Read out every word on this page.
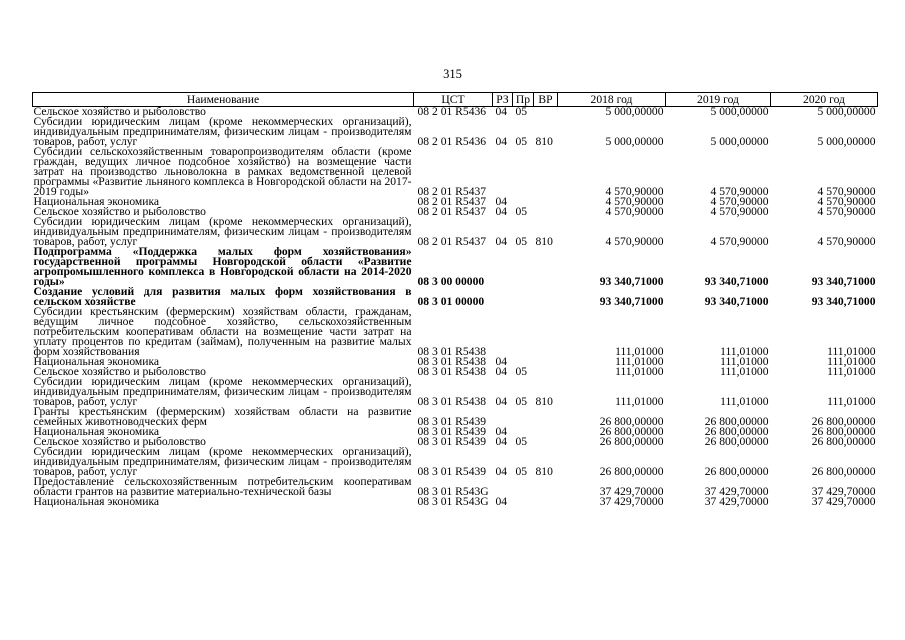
315
Наименование	ЦСТ	РЗ	Пр	ВР	2018 год	2019 год	2020 год
Сельское хозяйство и рыболовство	08 2 01 R5436	04	05		5 000,00000	5 000,00000	5 000,00000
Субсидии юридическим лицам (кроме некоммерческих организаций), индивидуальным предпринимателям, физическим лицам - производителям товаров, работ, услуг	08 2 01 R5436	04	05	810	5 000,00000	5 000,00000	5 000,00000
Субсидии сельскохозяйственным товаропроизводителям области (кроме граждан, ведущих личное подсобное хозяйство) на возмещение части затрат на производство льноволокна в рамках ведомственной целевой программы «Развитие льняного комплекса в Новгородской области на 2017-2019 годы»	08 2 01 R5437				4 570,90000	4 570,90000	4 570,90000
Национальная экономика	08 2 01 R5437	04			4 570,90000	4 570,90000	4 570,90000
Сельское хозяйство и рыболовство	08 2 01 R5437	04	05		4 570,90000	4 570,90000	4 570,90000
Субсидии юридическим лицам (кроме некоммерческих организаций), индивидуальным предпринимателям, физическим лицам - производителям товаров, работ, услуг	08 2 01 R5437	04	05	810	4 570,90000	4 570,90000	4 570,90000
Подпрограмма «Поддержка малых форм хозяйствования» государственной программы Новгородской области «Развитие агропромышленного комплекса в Новгородской области на 2014-2020 годы»	08 3 00 00000				93 340,71000	93 340,71000	93 340,71000
Создание условий для развития малых форм хозяйствования в сельском хозяйстве	08 3 01 00000				93 340,71000	93 340,71000	93 340,71000
Субсидии крестьянским (фермерским) хозяйствам области, гражданам, ведущим личное подсобное хозяйство, сельскохозяйственным потребительским кооперативам области на возмещение части затрат на уплату процентов по кредитам (займам), полученным на развитие малых форм хозяйствования	08 3 01 R5438				111,01000	111,01000	111,01000
Национальная экономика	08 3 01 R5438	04			111,01000	111,01000	111,01000
Сельское хозяйство и рыболовство	08 3 01 R5438	04	05		111,01000	111,01000	111,01000
Субсидии юридическим лицам (кроме некоммерческих организаций), индивидуальным предпринимателям, физическим лицам - производителям товаров, работ, услуг	08 3 01 R5438	04	05	810	111,01000	111,01000	111,01000
Гранты крестьянским (фермерским) хозяйствам области на развитие семейных животноводческих ферм	08 3 01 R5439				26 800,00000	26 800,00000	26 800,00000
Национальная экономика	08 3 01 R5439	04			26 800,00000	26 800,00000	26 800,00000
Сельское хозяйство и рыболовство	08 3 01 R5439	04	05		26 800,00000	26 800,00000	26 800,00000
Субсидии юридическим лицам (кроме некоммерческих организаций), индивидуальным предпринимателям, физическим лицам - производителям товаров, работ, услуг	08 3 01 R5439	04	05	810	26 800,00000	26 800,00000	26 800,00000
Предоставление сельскохозяйственным потребительским кооперативам области грантов на развитие материально-технической базы	08 3 01 R543G				37 429,70000	37 429,70000	37 429,70000
Национальная экономика	08 3 01 R543G	04			37 429,70000	37 429,70000	37 429,70000
